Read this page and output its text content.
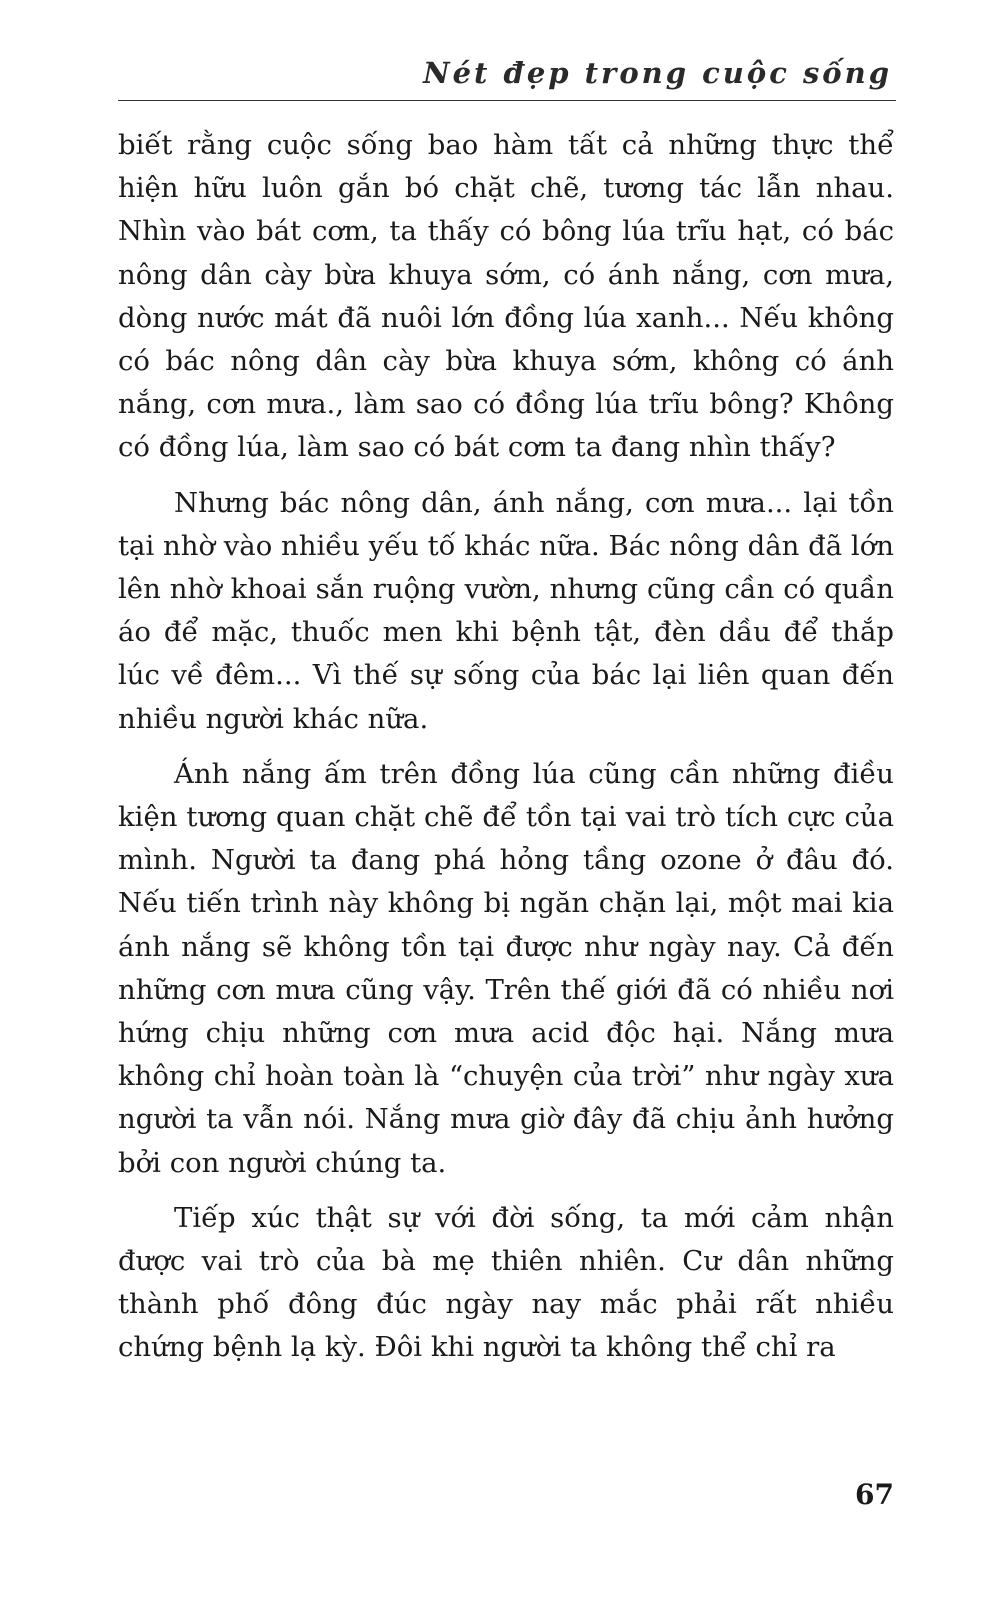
Nét đẹp trong cuộc sống

biết rằng cuộc sống bao hàm tất cả những thực thể hiện hữu luôn gắn bó chặt chẽ, tương tác lẫn nhau. Nhìn vào bát cơm, ta thấy có bông lúa trĩu hạt, có bác nông dân cày bừa khuya sớm, có ánh nắng, cơn mưa, dòng nước mát đã nuôi lớn đồng lúa xanh... Nếu không có bác nông dân cày bừa khuya sớm, không có ánh nắng, cơn mưa., làm sao có đồng lúa trĩu bông? Không có đồng lúa, làm sao có bát cơm ta đang nhìn thấy?

Nhưng bác nông dân, ánh nắng, cơn mưa... lại tồn tại nhờ vào nhiều yếu tố khác nữa. Bác nông dân đã lớn lên nhờ khoai sắn ruộng vườn, nhưng cũng cần có quần áo để mặc, thuốc men khi bệnh tật, đèn dầu để thắp lúc về đêm... Vì thế sự sống của bác lại liên quan đến nhiều người khác nữa.

Ánh nắng ấm trên đồng lúa cũng cần những điều kiện tương quan chặt chẽ để tồn tại vai trò tích cực của mình. Người ta đang phá hỏng tầng ozone ở đâu đó. Nếu tiến trình này không bị ngăn chặn lại, một mai kia ánh nắng sẽ không tồn tại được như ngày nay. Cả đến những cơn mưa cũng vậy. Trên thế giới đã có nhiều nơi hứng chịu những cơn mưa acid độc hại. Nắng mưa không chỉ hoàn toàn là “chuyện của trời” như ngày xưa người ta vẫn nói. Nắng mưa giờ đây đã chịu ảnh hưởng bởi con người chúng ta.

Tiếp xúc thật sự với đời sống, ta mới cảm nhận được vai trò của bà mẹ thiên nhiên. Cư dân những thành phố đông đúc ngày nay mắc phải rất nhiều chứng bệnh lạ kỳ. Đôi khi người ta không thể chỉ ra

67
